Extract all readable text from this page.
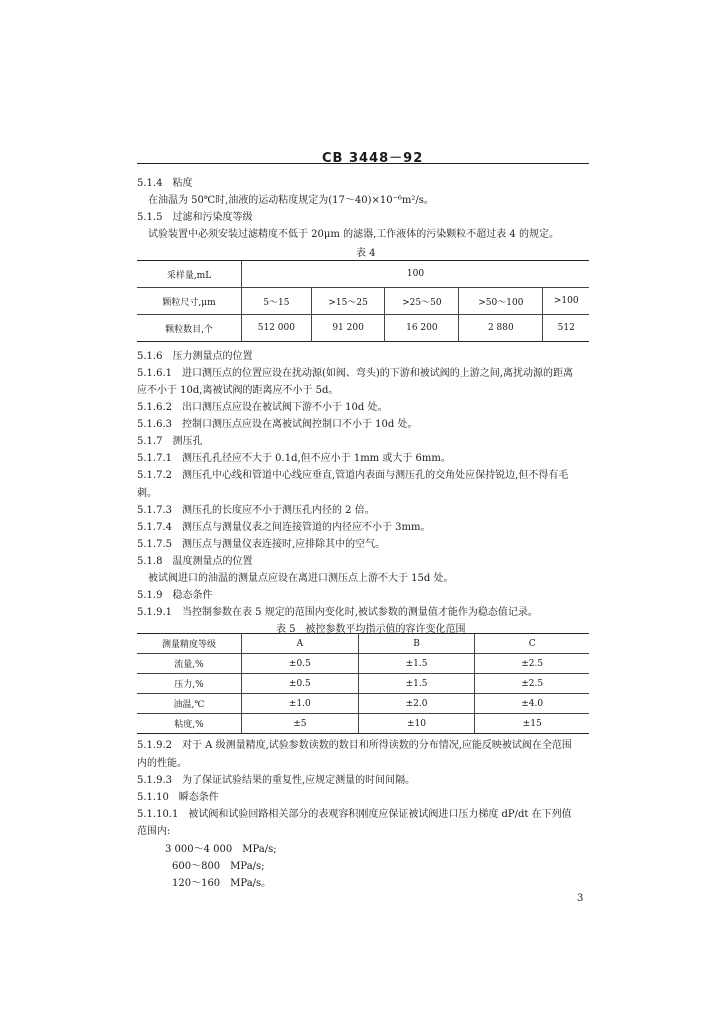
CB 3448－92
5.1.4　粘度
在油温为 50℃时,油液的运动粘度规定为(17～40)×10⁻⁶m²/s。
5.1.5　过滤和污染度等级
试验装置中必须安装过滤精度不低于 20μm 的滤器,工作液体的污染颗粒不超过表 4 的规定。
表 4
采样量,mL	100				
颗粒尺寸,μm	5～15	>15～25	>25～50	>50～100	>100
颗粒数目,个	512 000	91 200	16 200	2 880	512
5.1.6　压力测量点的位置
5.1.6.1　进口测压点的位置应设在扰动源(如阀、弯头)的下游和被试阀的上游之间,离扰动源的距离
应不小于 10d,离被试阀的距离应不小于 5d。
5.1.6.2　出口测压点应设在被试阀下游不小于 10d 处。
5.1.6.3　控制口测压点应设在离被试阀控制口不小于 10d 处。
5.1.7　测压孔
5.1.7.1　测压孔孔径应不大于 0.1d,但不应小于 1mm 或大于 6mm。
5.1.7.2　测压孔中心线和管道中心线应垂直,管道内表面与测压孔的交角处应保持锐边,但不得有毛
刺。
5.1.7.3　测压孔的长度应不小于测压孔内径的 2 倍。
5.1.7.4　测压点与测量仪表之间连接管道的内径应不小于 3mm。
5.1.7.5　测压点与测量仪表连接时,应排除其中的空气。
5.1.8　温度测量点的位置
被试阀进口的油温的测量点应设在离进口测压点上游不大于 15d 处。
5.1.9　稳态条件
5.1.9.1　当控制参数在表 5 规定的范围内变化时,被试参数的测量值才能作为稳态值记录。
表 5　被控参数平均指示值的容许变化范围
测量精度等级	A	B	C
流量,%	±0.5	±1.5	±2.5
压力,%	±0.5	±1.5	±2.5
油温,℃	±1.0	±2.0	±4.0
粘度,%	±5	±10	±15
5.1.9.2　对于 A 级测量精度,试验参数读数的数目和所得读数的分布情况,应能反映被试阀在全范围
内的性能。
5.1.9.3　为了保证试验结果的重复性,应规定测量的时间间隔。
5.1.10　瞬态条件
5.1.10.1　被试阀和试验回路相关部分的表观容积刚度应保证被试阀进口压力梯度 dP/dt 在下列值
范围内:
3 000～4 000　MPa/s;
600～800　MPa/s;
120～160　MPa/s。
3
